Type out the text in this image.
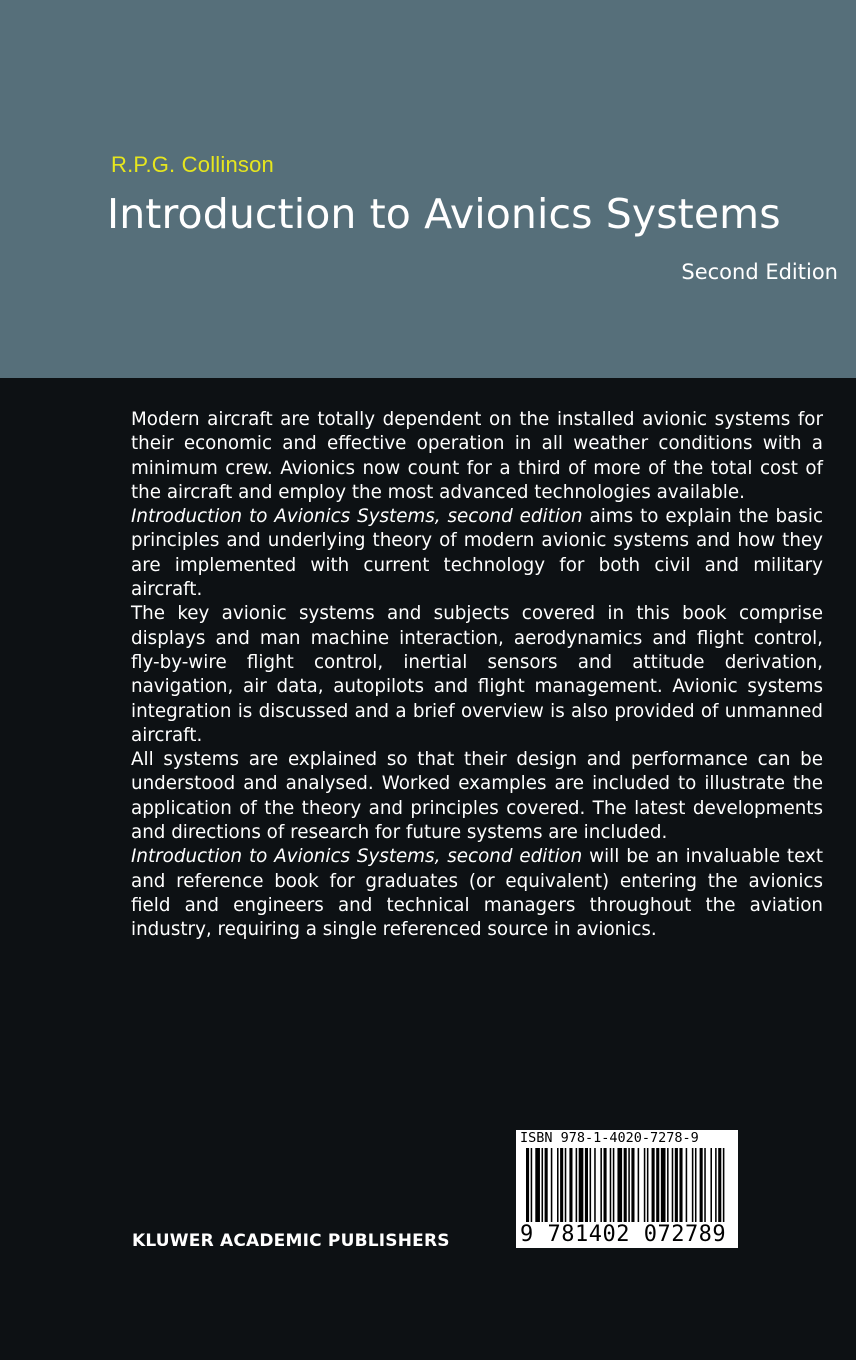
R.P.G. Collinson
Introduction to Avionics Systems
Second Edition

Modern aircraft are totally dependent on the installed avionic systems for their economic and effective operation in all weather conditions with a minimum crew. Avionics now count for a third of more of the total cost of the aircraft and employ the most advanced technologies available.

Introduction to Avionics Systems, second edition aims to explain the basic principles and underlying theory of modern avionic systems and how they are implemented with current technology for both civil and military aircraft.

The key avionic systems and subjects covered in this book comprise displays and man machine interaction, aerodynamics and flight control, fly-by-wire flight control, inertial sensors and attitude derivation, navigation, air data, autopilots and flight management. Avionic systems integration is discussed and a brief overview is also provided of unmanned aircraft.

All systems are explained so that their design and performance can be understood and analysed. Worked examples are included to illustrate the application of the theory and principles covered. The latest developments and directions of research for future systems are included.

Introduction to Avionics Systems, second edition will be an invaluable text and reference book for graduates (or equivalent) entering the avionics field and engineers and technical managers throughout the aviation industry, requiring a single referenced source in avionics.

KLUWER ACADEMIC PUBLISHERS
ISBN 978-1-4020-7278-9
9 781402 072789
